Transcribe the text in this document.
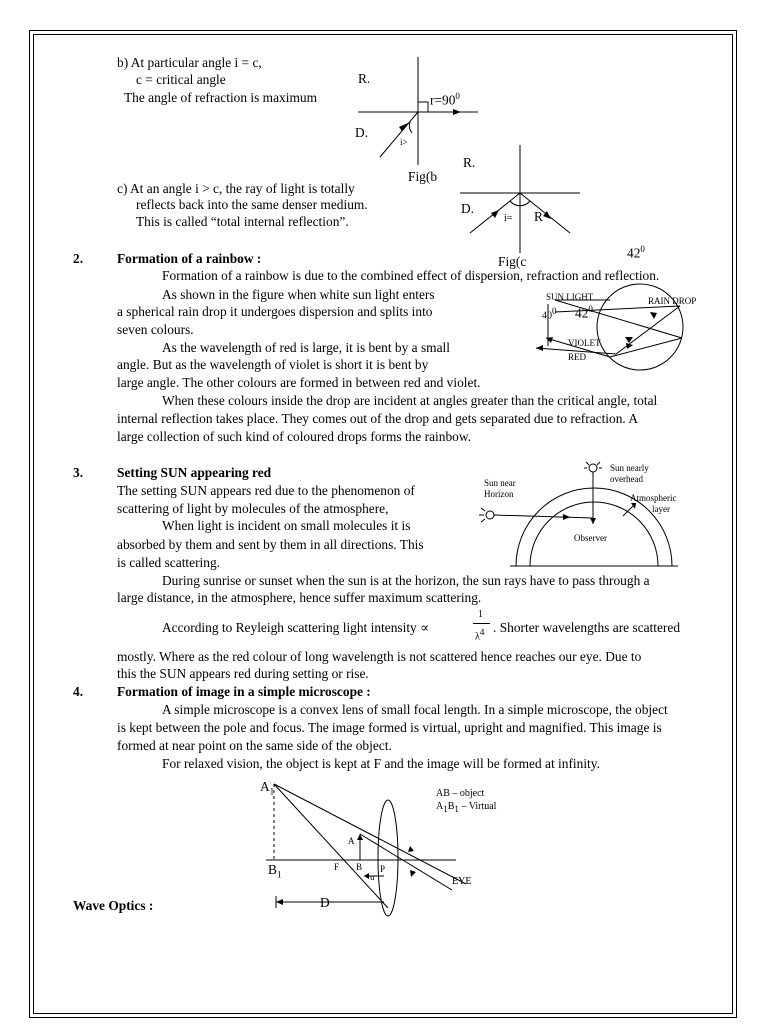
b) At particular angle i = c,

c = critical angle

The angle of refraction is maximum

R.
D.
$r=90^0$
i>
Fig(b

c) At an angle i > c, the ray of light is totally

reflects back into the same denser medium.

This is called “total internal reflection”.

R.
D.
i= R
Fig(c

2.	Formation of a rainbow :	$42^0$

Formation of a rainbow is due to the combined effect of dispersion, refraction and reflection.

As shown in the figure when white sun light enters

a spherical rain drop it undergoes dispersion and splits into

seven colours.

As the wavelength of red is large, it is bent by a small

angle. But as the wavelength of violet is short it is bent by

large angle. The other colours are formed in between red and violet.

When these colours inside the drop are incident at angles greater than the critical angle, total

internal reflection takes place. They comes out of the drop and gets separated due to refraction. A

large collection of such kind of coloured drops forms the rainbow.

SUN LIGHT	RAIN DROP
$40^0$ $42^0$
VIOLET
RED

3.	Setting SUN appearing red

The setting SUN appears red due to the phenomenon of

scattering of light by molecules of the atmosphere,

When light is incident on small molecules it is

absorbed by them and sent by them in all directions. This

is called scattering.

During sunrise or sunset when the sun is at the horizon, the sun rays have to pass through a

large distance, in the atmosphere, hence suffer maximum scattering.

According to Reyleigh scattering light intensity ∝
1
$\lambda^4$ . Shorter wavelengths are scattered

mostly. Where as the red colour of long wavelength is not scattered hence reaches our eye. Due to

this the SUN appears red during setting or rise.

Sun near
Horizon
Sun nearly
overhead
Atmospheric
layer
Observer

4.	Formation of image in a simple microscope :

A simple microscope is a convex lens of small focal length. In a simple microscope, the object

is kept between the pole and focus. The image formed is virtual, upright and magnified. This image is

formed at near point on the same side of the object.

For relaxed vision, the object is kept at F and the image will be formed at infinity.

$A_1$
$B_1$
A
B
F	P
u
D
EYE
AB – object
$A_1B_1$ – Virtual

Wave Optics :
